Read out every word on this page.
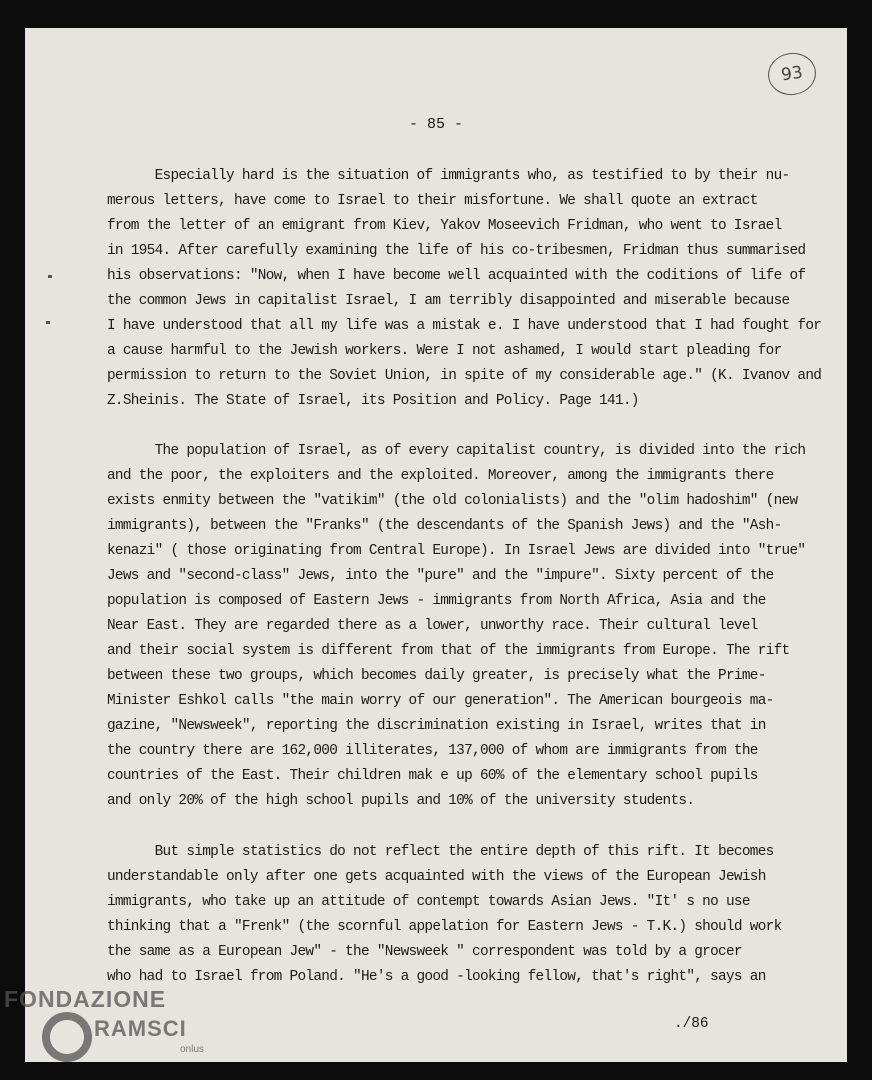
93
- 85 -
Especially hard is the situation of immigrants who, as testified to by their nu-
merous letters, have come to Israel to their misfortune. We shall quote an extract
from the letter of an emigrant from Kiev, Yakov Moseevich Fridman, who went to Israel
in 1954. After carefully examining the life of his co-tribesmen, Fridman thus summarised
his observations: "Now, when I have become well acquainted with the coditions of life of
the common Jews in capitalist Israel, I am terribly disappointed and miserable because
I have understood that all my life was a mistak e. I have understood that I had fought for
a cause harmful to the Jewish workers. Were I not ashamed, I would start pleading for
permission to return to the Soviet Union, in spite of my considerable age." (K. Ivanov and
Z.Sheinis. The State of Israel, its Position and Policy. Page 141.)
The population of Israel, as of every capitalist country, is divided into the rich
and the poor, the exploiters and the exploited. Moreover, among the immigrants there
exists enmity between the "vatikim" (the old colonialists) and the "olim hadoshim" (new
immigrants), between the "Franks" (the descendants of the Spanish Jews) and the "Ash-
kenazi" ( those originating from Central Europe). In Israel Jews are divided into "true"
Jews and "second-class" Jews, into the "pure" and the "impure". Sixty percent of the
population is composed of Eastern Jews - immigrants from North Africa, Asia and the
Near East. They are regarded there as a lower, unworthy race. Their cultural level
and their social system is different from that of the immigrants from Europe. The rift
between these two groups, which becomes daily greater, is precisely what the Prime-
Minister Eshkol calls "the main worry of our generation". The American bourgeois ma-
gazine, "Newsweek", reporting the discrimination existing in Israel, writes that in
the country there are 162,000 illiterates, 137,000 of whom are immigrants from the
countries of the East. Their children mak e up 60% of the elementary school pupils
and only 20% of the high school pupils and 10% of the university students.
But simple statistics do not reflect the entire depth of this rift. It becomes
understandable only after one gets acquainted with the views of the European Jewish
immigrants, who take up an attitude of contempt towards Asian Jews. "It' s no use
thinking that a "Frenk" (the scornful appelation for Eastern Jews - T.K.) should work
the same as a European Jew" - the "Newsweek " correspondent was told by a grocer
who had to Israel from Poland. "He's a good -looking fellow, that's right", says an
./86
FONDAZIONE
RAMSCI
onlus
